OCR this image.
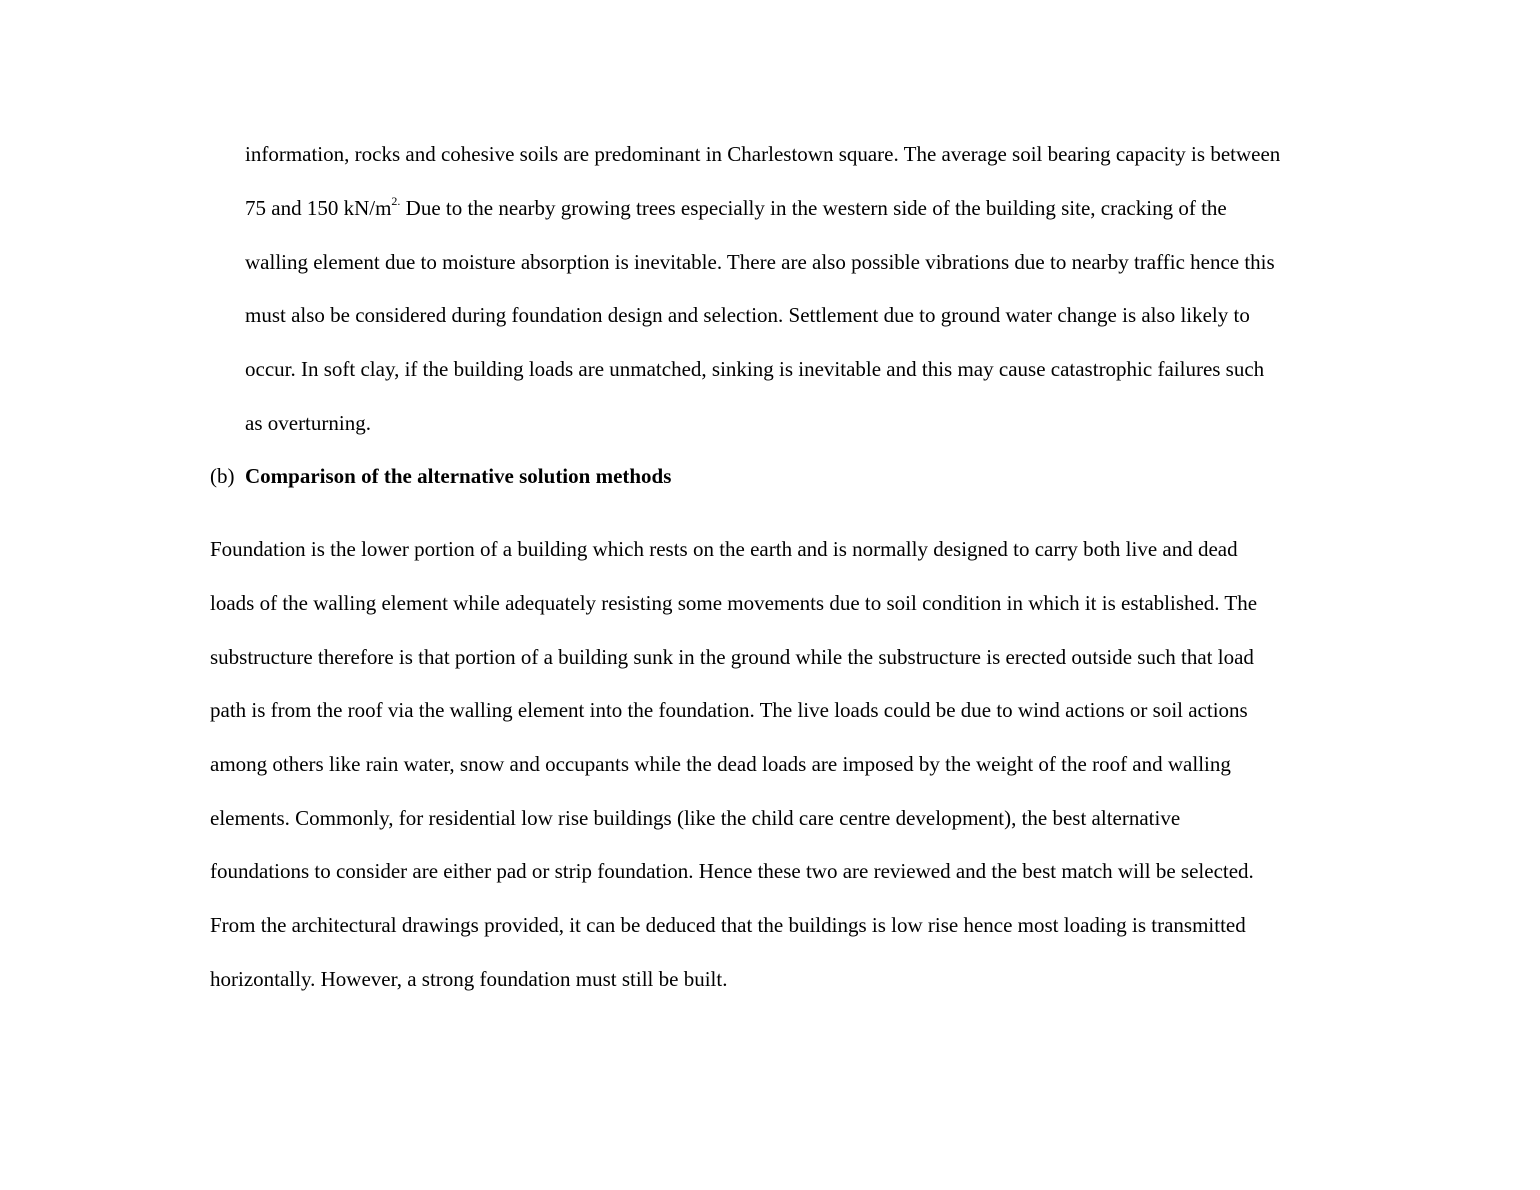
information, rocks and cohesive soils are predominant in Charlestown square. The average soil bearing capacity is between
75 and 150 $kN/m^{2.}$ Due to the nearby growing trees especially in the western side of the building site, cracking of the
walling element due to moisture absorption is inevitable. There are also possible vibrations due to nearby traffic hence this
must also be considered during foundation design and selection. Settlement due to ground water change is also likely to
occur. In soft clay, if the building loads are unmatched, sinking is inevitable and this may cause catastrophic failures such
as overturning.
(b) Comparison of the alternative solution methods
Foundation is the lower portion of a building which rests on the earth and is normally designed to carry both live and dead
loads of the walling element while adequately resisting some movements due to soil condition in which it is established. The
substructure therefore is that portion of a building sunk in the ground while the substructure is erected outside such that load
path is from the roof via the walling element into the foundation. The live loads could be due to wind actions or soil actions
among others like rain water, snow and occupants while the dead loads are imposed by the weight of the roof and walling
elements. Commonly, for residential low rise buildings (like the child care centre development), the best alternative
foundations to consider are either pad or strip foundation. Hence these two are reviewed and the best match will be selected.
From the architectural drawings provided, it can be deduced that the buildings is low rise hence most loading is transmitted
horizontally. However, a strong foundation must still be built.
